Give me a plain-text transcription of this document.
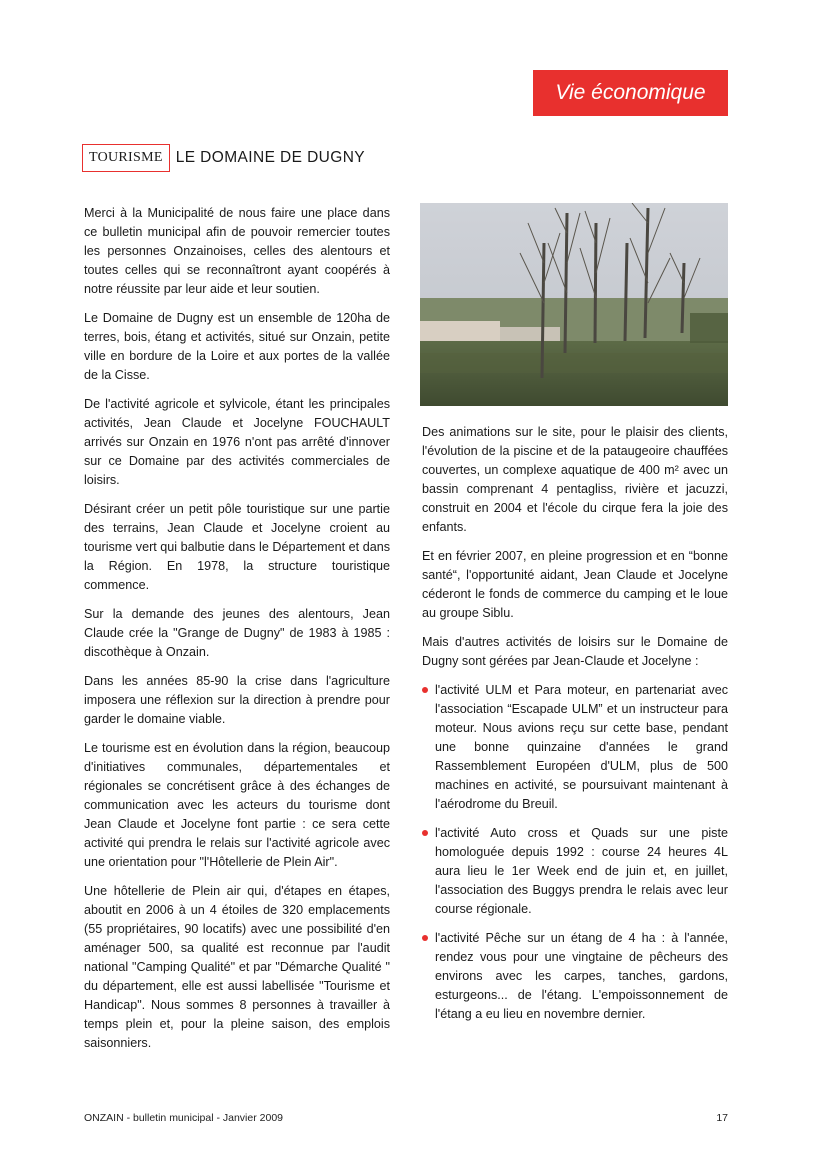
Vie économique
TOURISME LE DOMAINE DE DUGNY

Merci à la Municipalité de nous faire une place dans ce bulletin municipal afin de pouvoir remercier toutes les personnes Onzainoises, celles des alentours et toutes celles qui se reconnaîtront ayant coopérés à notre réussite par leur aide et leur soutien.

Le Domaine de Dugny est un ensemble de 120ha de terres, bois, étang et activités, situé sur Onzain, petite ville en bordure de la Loire et aux portes de la vallée de la Cisse.

De l'activité agricole et sylvicole, étant les principales activités, Jean Claude et Jocelyne FOUCHAULT arrivés sur Onzain en 1976 n'ont pas arrêté d'innover sur ce Domaine par des activités commerciales de loisirs.

Désirant créer un petit pôle touristique sur une partie des terrains, Jean Claude et Jocelyne croient au tourisme vert qui balbutie dans le Département et dans la Région. En 1978, la structure touristique commence.

Sur la demande des jeunes des alentours, Jean Claude crée la "Grange de Dugny" de 1983 à 1985 : discothèque à Onzain.

Dans les années 85-90 la crise dans l'agriculture imposera une réflexion sur la direction à prendre pour garder le domaine viable.

Le tourisme est en évolution dans la région, beaucoup d'initiatives communales, départementales et régionales se concrétisent grâce à des échanges de communication avec les acteurs du tourisme dont Jean Claude et Jocelyne font partie : ce sera cette activité qui prendra le relais sur l'activité agricole avec une orientation pour "l'Hôtellerie de Plein Air".

Une hôtellerie de Plein air qui, d'étapes en étapes, aboutit en 2006 à un 4 étoiles de 320 emplacements (55 propriétaires, 90 locatifs) avec une possibilité d'en aménager 500, sa qualité est reconnue par l'audit national "Camping Qualité" et par "Démarche Qualité " du département, elle est aussi labellisée "Tourisme et Handicap". Nous sommes 8 personnes à travailler à temps plein et, pour la pleine saison, des emplois saisonniers.

Des animations sur le site, pour le plaisir des clients, l'évolution de la piscine et de la pataugeoire chauffées couvertes, un complexe aquatique de 400 m² avec un bassin comprenant 4 pentagliss, rivière et jacuzzi, construit en 2004 et l'école du cirque fera la joie des enfants.

Et en février 2007, en pleine progression et en “bonne santé“, l'opportunité aidant, Jean Claude et Jocelyne céderont le fonds de commerce du camping et le loue au groupe Siblu.

Mais d'autres activités de loisirs sur le Domaine de Dugny sont gérées par Jean-Claude et Jocelyne :

l'activité ULM et Para moteur, en partenariat avec l'association “Escapade ULM” et un instructeur para moteur. Nous avions reçu sur cette base, pendant une bonne quinzaine d'années le grand Rassemblement Européen d'ULM, plus de 500 machines en activité, se poursuivant maintenant à l'aérodrome du Breuil.
l'activité Auto cross et Quads sur une piste homologuée depuis 1992 : course 24 heures 4L aura lieu le 1er Week end de juin et, en juillet, l'association des Buggys prendra le relais avec leur course régionale.
l'activité Pêche sur un étang de 4 ha : à l'année, rendez vous pour une vingtaine de pêcheurs des environs avec les carpes, tanches, gardons, esturgeons... de l'étang. L'empoissonnement de l'étang a eu lieu en novembre dernier.
ONZAIN - bulletin municipal - Janvier 2009	17
